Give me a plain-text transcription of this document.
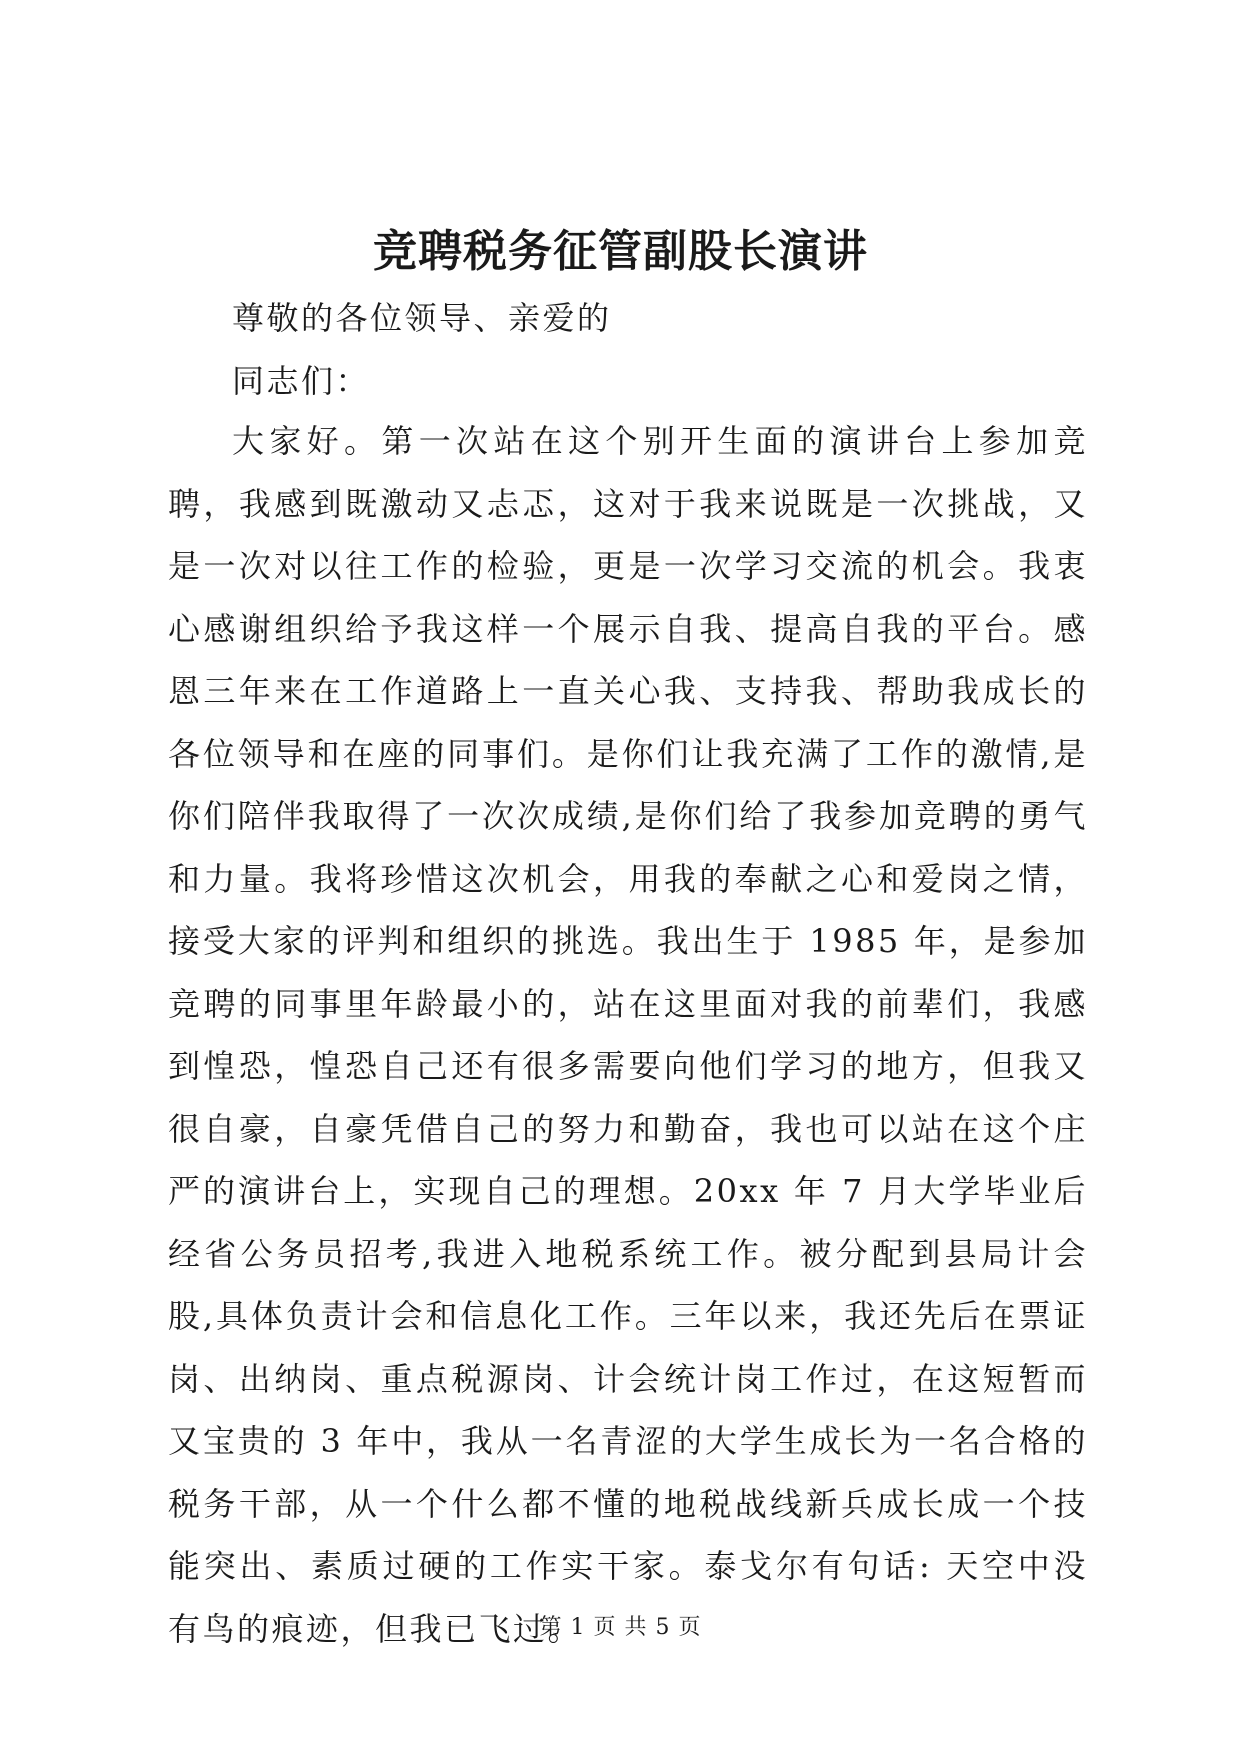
竞聘税务征管副股长演讲
尊敬的各位领导、亲爱的
同志们：

大家好。第一次站在这个别开生面的演讲台上参加竞聘，我感到既激动又忐忑，这对于我来说既是一次挑战，又是一次对以往工作的检验，更是一次学习交流的机会。我衷心感谢组织给予我这样一个展示自我、提高自我的平台。感恩三年来在工作道路上一直关心我、支持我、帮助我成长的各位领导和在座的同事们。是你们让我充满了工作的激情,是你们陪伴我取得了一次次成绩,是你们给了我参加竞聘的勇气和力量。我将珍惜这次机会，用我的奉献之心和爱岗之情，接受大家的评判和组织的挑选。我出生于 1985 年，是参加竞聘的同事里年龄最小的，站在这里面对我的前辈们，我感到惶恐，惶恐自己还有很多需要向他们学习的地方，但我又很自豪，自豪凭借自己的努力和勤奋，我也可以站在这个庄严的演讲台上，实现自己的理想。20xx 年 7 月大学毕业后经省公务员招考,我进入地税系统工作。被分配到县局计会股,具体负责计会和信息化工作。三年以来，我还先后在票证岗、出纳岗、重点税源岗、计会统计岗工作过，在这短暂而又宝贵的 3 年中，我从一名青涩的大学生成长为一名合格的税务干部，从一个什么都不懂的地税战线新兵成长成一个技能突出、素质过硬的工作实干家。泰戈尔有句话: 天空中没有鸟的痕迹，但我已飞过。

第 1 页 共 5 页
